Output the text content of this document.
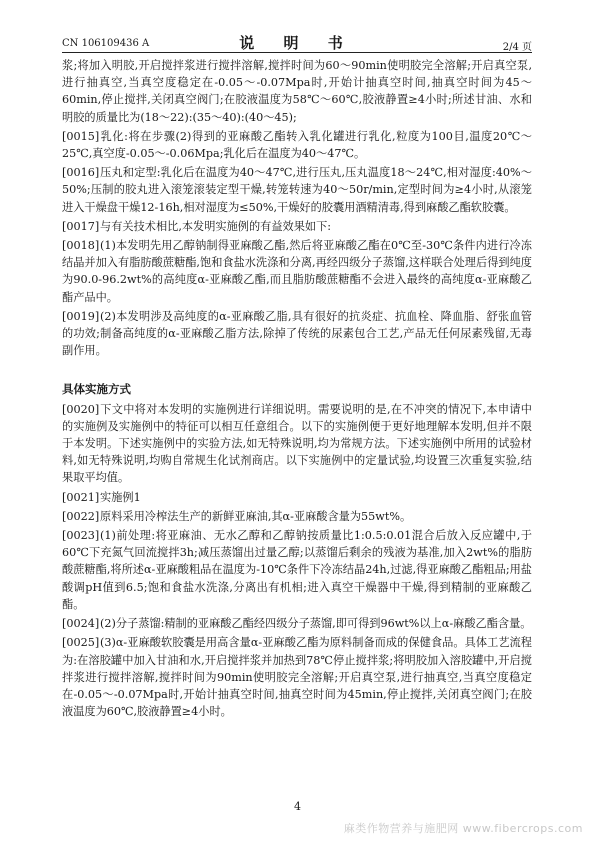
CN 106109436 A	说 明 书	2/4 页

浆;将加入明胶,开启搅拌浆进行搅拌溶解,搅拌时间为60～90min使明胶完全溶解;开启真空泵,进行抽真空,当真空度稳定在-0.05～-0.07Mpa时,开始计抽真空时间,抽真空时间为45～60min,停止搅拌,关闭真空阀门;在胶液温度为58℃～60℃,胶液静置≥4小时;所述甘油、水和明胶的质量比为(18～22):(35～40):(40～45);

[0015]乳化:将在步骤(2)得到的亚麻酸乙酯转入乳化罐进行乳化,粒度为100目,温度20℃～25℃,真空度-0.05～-0.06Mpa;乳化后在温度为40～47℃。

[0016]压丸和定型:乳化后在温度为40～47℃,进行压丸,压丸温度18～24℃,相对湿度:40%～50%;压制的胶丸进入滚笼滚装定型干燥,转笼转速为40～50r/min,定型时间为≥4小时,从滚笼进入干燥盘干燥12-16h,相对湿度为≤50%,干燥好的胶囊用酒精清毒,得到麻酸乙酯软胶囊。

[0017]与有关技术相比,本发明实施例的有益效果如下:

[0018](1)本发明先用乙醇钠制得亚麻酸乙酯,然后将亚麻酸乙酯在0℃至-30℃条件内进行冷冻结晶并加入有脂肪酸蔗糖酯,饱和食盐水洗涤和分离,再经四级分子蒸馏,这样联合处理后得到纯度为90.0-96.2wt%的高纯度α-亚麻酸乙酯,而且脂肪酸蔗糖酯不会进入最终的高纯度α-亚麻酸乙酯产品中。

[0019](2)本发明涉及高纯度的α-亚麻酸乙脂,具有很好的抗炎症、抗血栓、降血脂、舒张血管的功效;制备高纯度的α-亚麻酸乙脂方法,除掉了传统的尿素包合工艺,产品无任何尿素残留,无毒副作用。

具体实施方式

[0020]下文中将对本发明的实施例进行详细说明。需要说明的是,在不冲突的情况下,本申请中的实施例及实施例中的特征可以相互任意组合。以下的实施例便于更好地理解本发明,但并不限于本发明。下述实施例中的实验方法,如无特殊说明,均为常规方法。下述实施例中所用的试验材料,如无特殊说明,均购自常规生化试剂商店。以下实施例中的定量试验,均设置三次重复实验,结果取平均值。

[0021]实施例1

[0022]原料采用冷榨法生产的新鲜亚麻油,其α-亚麻酸含量为55wt%。

[0023](1)前处理:将亚麻油、无水乙醇和乙醇钠按质量比1:0.5:0.01混合后放入反应罐中,于60℃下充氮气回流搅拌3h;减压蒸馏出过量乙醇;以蒸馏后剩余的残液为基准,加入2wt%的脂肪酸蔗糖酯,将所述α-亚麻酸粗品在温度为-10℃条件下冷冻结晶24h,过滤,得亚麻酸乙酯粗品;用盐酸调pH值到6.5;饱和食盐水洗涤,分离出有机相;进入真空干燥器中干燥,得到精制的亚麻酸乙酯。

[0024](2)分子蒸馏:精制的亚麻酸乙酯经四级分子蒸馏,即可得到96wt%以上α-麻酸乙酯含量。

[0025](3)α-亚麻酸软胶囊是用高含量α-亚麻酸乙酯为原料制备而成的保健食品。具体工艺流程为:在溶胶罐中加入甘油和水,开启搅拌浆并加热到78℃停止搅拌浆;将明胶加入溶胶罐中,开启搅拌浆进行搅拌溶解,搅拌时间为90min使明胶完全溶解;开启真空泵,进行抽真空,当真空度稳定在-0.05～-0.07Mpa时,开始计抽真空时间,抽真空时间为45min,停止搅拌,关闭真空阀门;在胶液温度为60℃,胶液静置≥4小时。

4
麻类作物营养与施肥网 www.fibercrops.com
